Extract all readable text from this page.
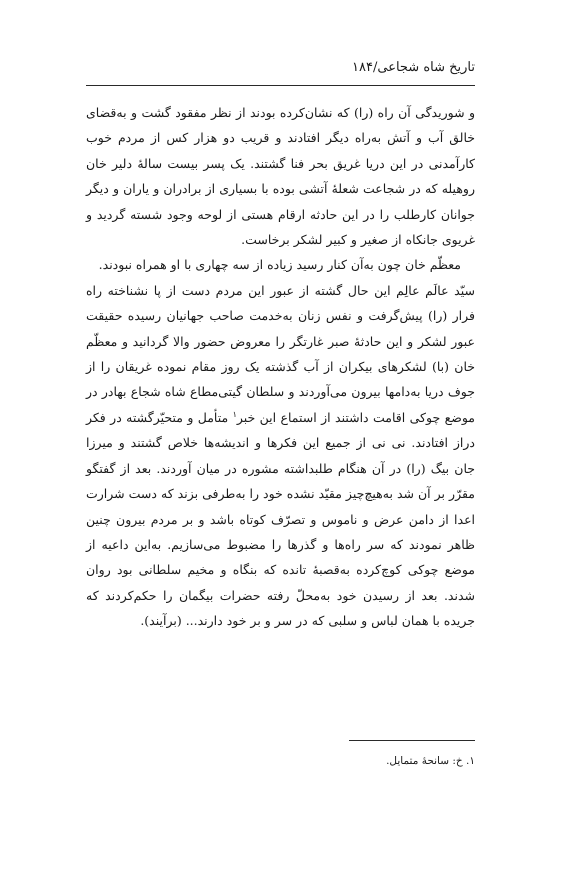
تاریخ شاه شجاعی/۱۸۴

و شوریدگی آن راه (را) که نشان‌کرده بودند از نظر مفقود گشت و به‌قضای خالق آب و آتش به‌راه دیگر افتادند و قریب دو هزار کس از مردم خوب کارآمدنی در این دریا غریق بحر فنا گشتند. یک پسر بیست سالهٔ دلیر خان روهیله که در شجاعت شعلهٔ آتشی بوده با بسیاری از برادران و یاران و دیگر جوانان کارطلب را در این حادثه ارقام هستی از لوحه وجود شسته گردید و غریوی جانکاه از صغیر و کبیر لشکر برخاست.

معظّم خان چون به‌آن کنار رسید زیاده از سه چهاری با او همراه نبودند.

سیّد عالَم عالِم این حال گشته از عبور این مردم دست از پا نشناخته راه فرار (را) پیش‌گرفت و نفس زنان به‌خدمت صاحب جهانیان رسیده حقیقت عبور لشکر و این حادثهٔ صبر غارتگر را معروض حضور والا گردانید و معظّم خان (با) لشکرهای بیکران از آب گذشته یک روز مقام نموده غریقان را از جوف دریا به‌دامها بیرون می‌آوردند و سلطان گیتی‌مطاع شاه شجاع بهادر در موضع چوکی اقامت داشتند از استماع این خبر$^۱$ متأمل و متحیّرگشته در فکر دراز افتادند. نی نی از جمیع این فکرها و اندیشه‌ها خلاص گشتند و میرزا جان بیگ (را) در آن هنگام طلبداشته مشوره در میان آوردند. بعد از گفتگو مقرّر بر آن شد به‌هیچ‌چیز مقیّد نشده خود را به‌طرفی بزند که دست شرارت اعدا از دامن عرض و ناموس و تصرّف کوتاه باشد و بر مردم بیرون چنین ظاهر نمودند که سر راه‌ها و گذرها را مضبوط می‌سازیم. به‌این داعیه از موضع چوکی کوچ‌کرده به‌قصبهٔ تانده که بنگاه و مخیم سلطانی بود روان شدند. بعد از رسیدن خود به‌محلّ رفته حضرات بیگمان را حکم‌کردند که جریده با همان لباس و سلبی که در سر و بر خود دارند... (برآیند).

۱. خ: سانحهٔ متمایل.
